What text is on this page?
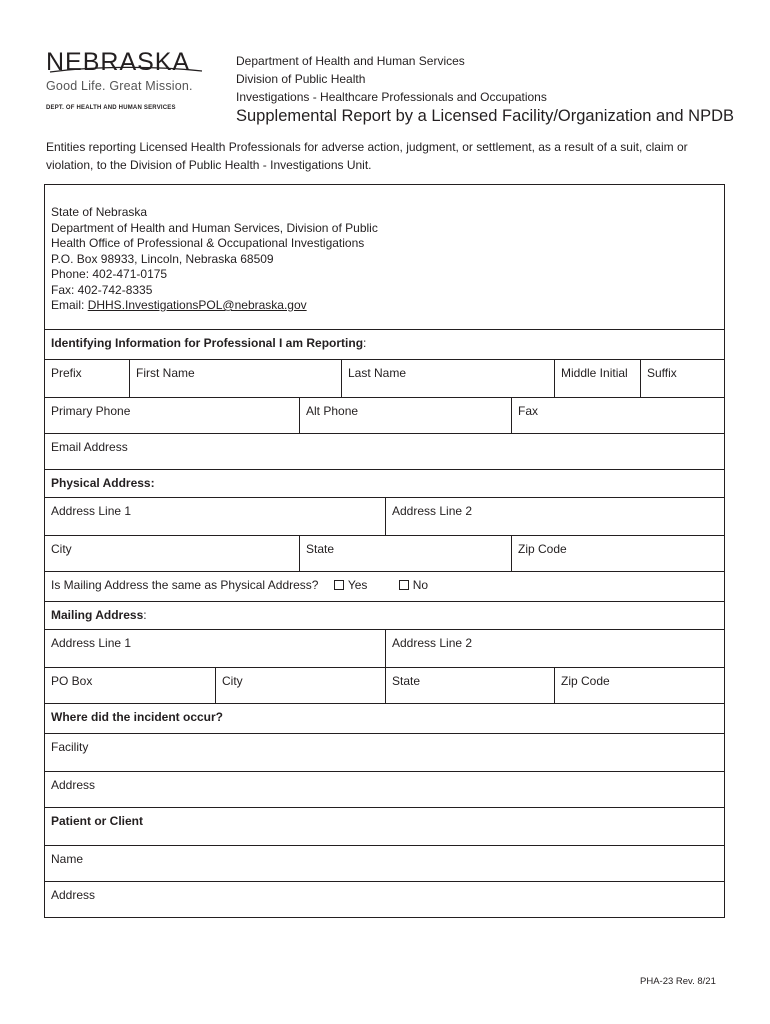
NEBRASKA
Good Life. Great Mission.
DEPT. OF HEALTH AND HUMAN SERVICES
Department of Health and Human Services
Division of Public Health
Investigations - Healthcare Professionals and Occupations
Supplemental Report by a Licensed Facility/Organization and NPDB
Entities reporting Licensed Health Professionals for adverse action, judgment, or settlement, as a result of a suit, claim or violation, to the Division of Public Health - Investigations Unit.
State of Nebraska
Department of Health and Human Services, Division of Public
Health Office of Professional & Occupational Investigations
P.O. Box 98933, Lincoln, Nebraska 68509
Phone: 402-471-0175
Fax: 402-742-8335
Email: DHHS.InvestigationsPOL@nebraska.gov
Identifying Information for Professional I am Reporting:
Prefix	First Name	Last Name	Middle Initial	Suffix
Primary Phone	Alt Phone	Fax
Email Address
Physical Address:
Address Line 1	Address Line 2
City	State	Zip Code
Is Mailing Address the same as Physical Address? Yes	No
Mailing Address:
Address Line 1	Address Line 2
PO Box	City	State	Zip Code
Where did the incident occur?
Facility
Address
Patient or Client
Name
Address
PHA-23 Rev. 8/21
